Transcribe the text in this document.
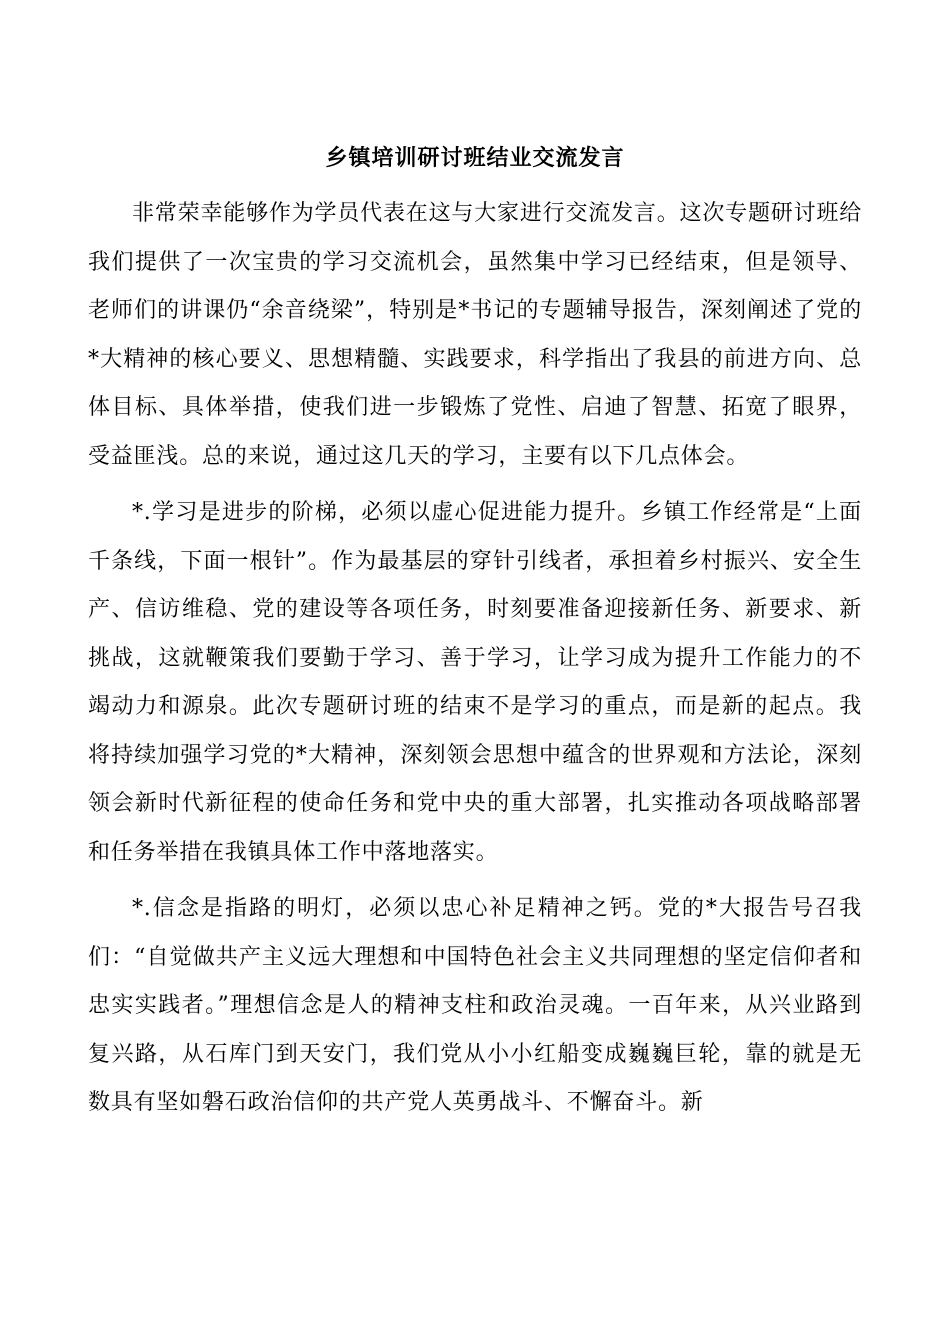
乡镇培训研讨班结业交流发言

非常荣幸能够作为学员代表在这与大家进行交流发言。这次专题研讨班给我们提供了一次宝贵的学习交流机会，虽然集中学习已经结束，但是领导、老师们的讲课仍“余音绕梁”，特别是*书记的专题辅导报告，深刻阐述了党的*大精神的核心要义、思想精髓、实践要求，科学指出了我县的前进方向、总体目标、具体举措，使我们进一步锻炼了党性、启迪了智慧、拓宽了眼界，受益匪浅。总的来说，通过这几天的学习，主要有以下几点体会。

*.学习是进步的阶梯，必须以虚心促进能力提升。乡镇工作经常是“上面千条线，下面一根针”。作为最基层的穿针引线者，承担着乡村振兴、安全生产、信访维稳、党的建设等各项任务，时刻要准备迎接新任务、新要求、新挑战，这就鞭策我们要勤于学习、善于学习，让学习成为提升工作能力的不竭动力和源泉。此次专题研讨班的结束不是学习的重点，而是新的起点。我将持续加强学习党的*大精神，深刻领会思想中蕴含的世界观和方法论，深刻领会新时代新征程的使命任务和党中央的重大部署，扎实推动各项战略部署和任务举措在我镇具体工作中落地落实。

*.信念是指路的明灯，必须以忠心补足精神之钙。党的*大报告号召我们：“自觉做共产主义远大理想和中国特色社会主义共同理想的坚定信仰者和忠实实践者。”理想信念是人的精神支柱和政治灵魂。一百年来，从兴业路到复兴路，从石库门到天安门，我们党从小小红船变成巍巍巨轮，靠的就是无数具有坚如磐石政治信仰的共产党人英勇战斗、不懈奋斗。新
